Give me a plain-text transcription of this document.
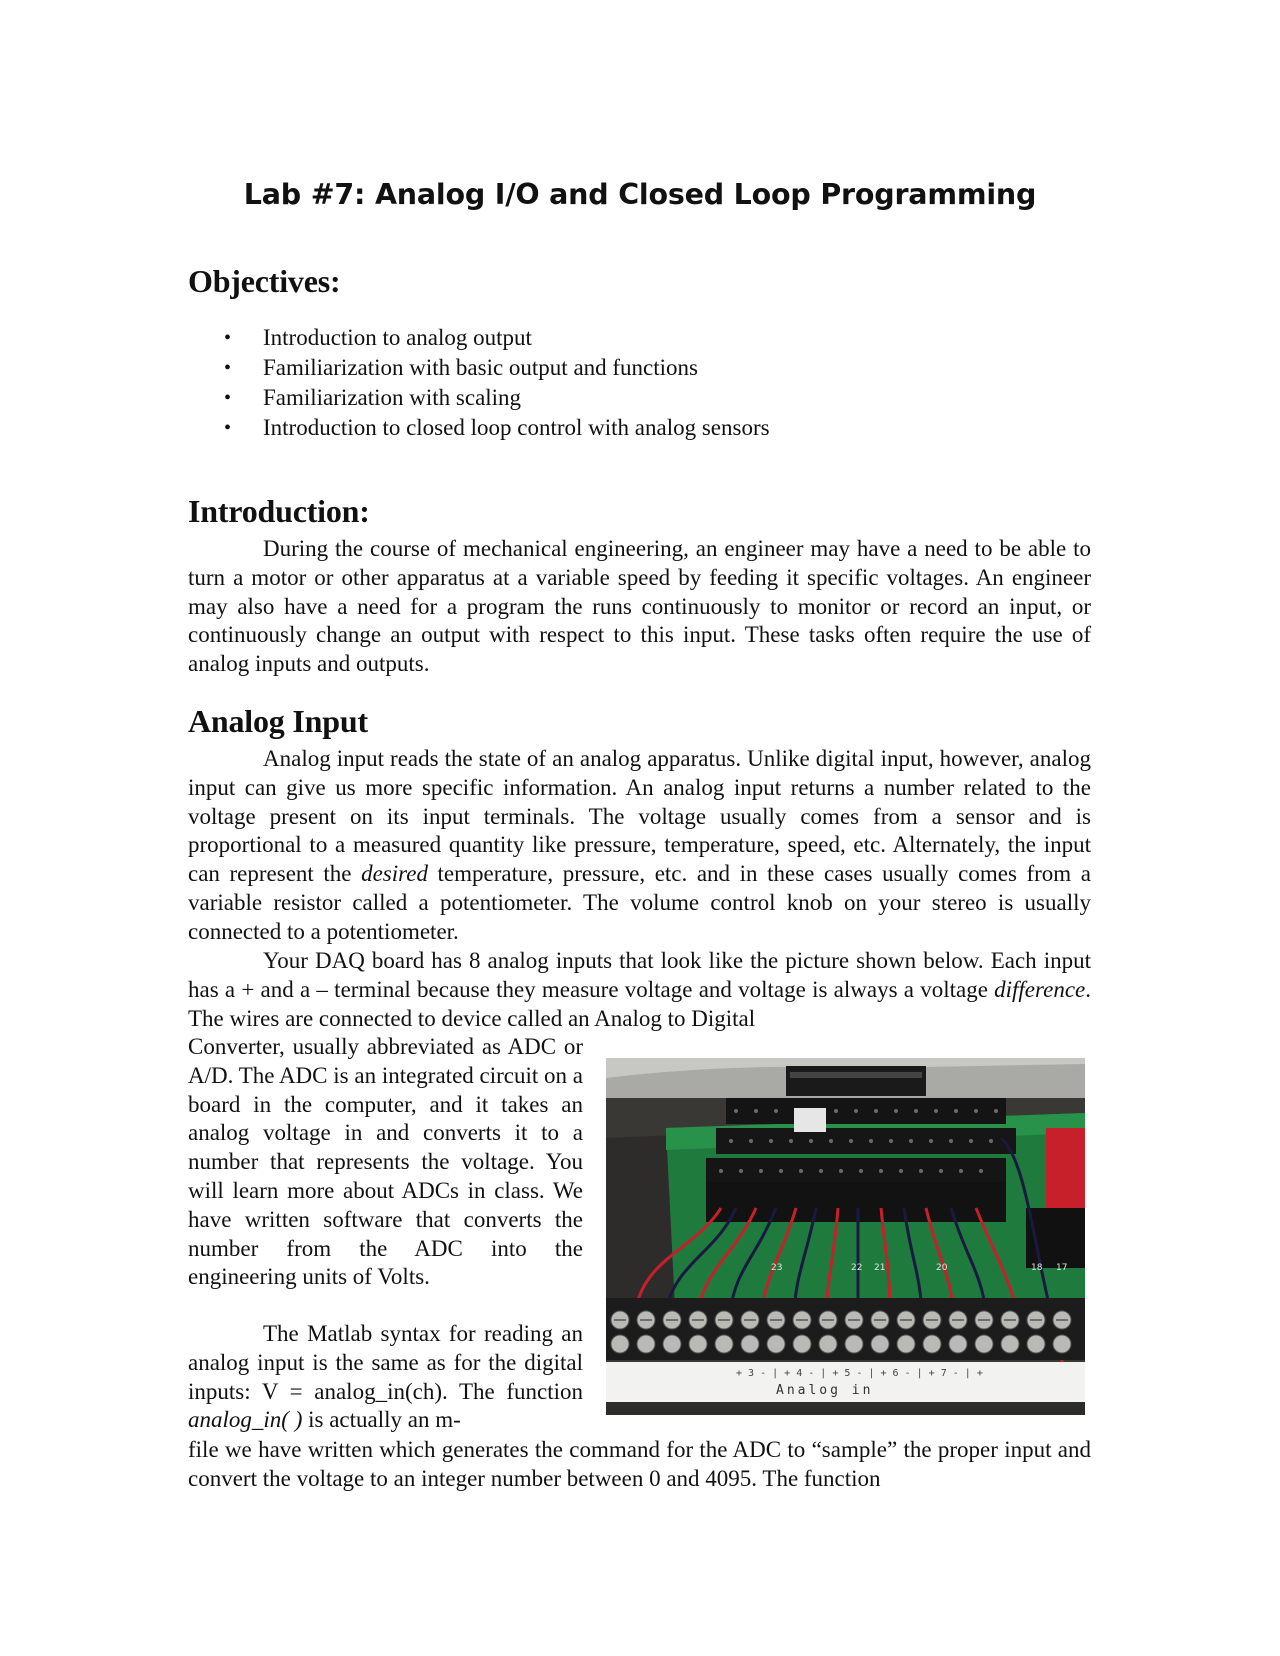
Lab #7: Analog I/O and Closed Loop Programming
Objectives:
• Introduction to analog output
• Familiarization with basic output and functions
• Familiarization with scaling
• Introduction to closed loop control with analog sensors
Introduction:

During the course of mechanical engineering, an engineer may have a need to be able to turn a motor or other apparatus at a variable speed by feeding it specific voltages. An engineer may also have a need for a program the runs continuously to monitor or record an input, or continuously change an output with respect to this input. These tasks often require the use of analog inputs and outputs.

Analog Input

Analog input reads the state of an analog apparatus. Unlike digital input, however, analog input can give us more specific information. An analog input returns a number related to the voltage present on its input terminals. The voltage usually comes from a sensor and is proportional to a measured quantity like pressure, temperature, speed, etc. Alternately, the input can represent the desired temperature, pressure, etc. and in these cases usually comes from a variable resistor called a potentiometer. The volume control knob on your stereo is usually connected to a potentiometer.

Your DAQ board has 8 analog inputs that look like the picture shown below. Each input has a + and a – terminal because they measure voltage and voltage is always a voltage difference. The wires are connected to device called an Analog to Digital

Converter, usually abbreviated as ADC or A/D. The ADC is an integrated circuit on a board in the computer, and it takes an analog voltage in and converts it to a number that represents the voltage. You will learn more about ADCs in class. We have written software that converts the number from the ADC into the engineering units of Volts.

The Matlab syntax for reading an analog input is the same as for the digital inputs: V = analog_in(ch). The function analog_in( ) is actually an m-

file we have written which generates the command for the ADC to “sample” the proper input and convert the voltage to an integer number between 0 and 4095. The function

23	22 21	20	18 17
+ 3 - | + 4 - | + 5 - | + 6 - | + 7 - | +
Analog in
